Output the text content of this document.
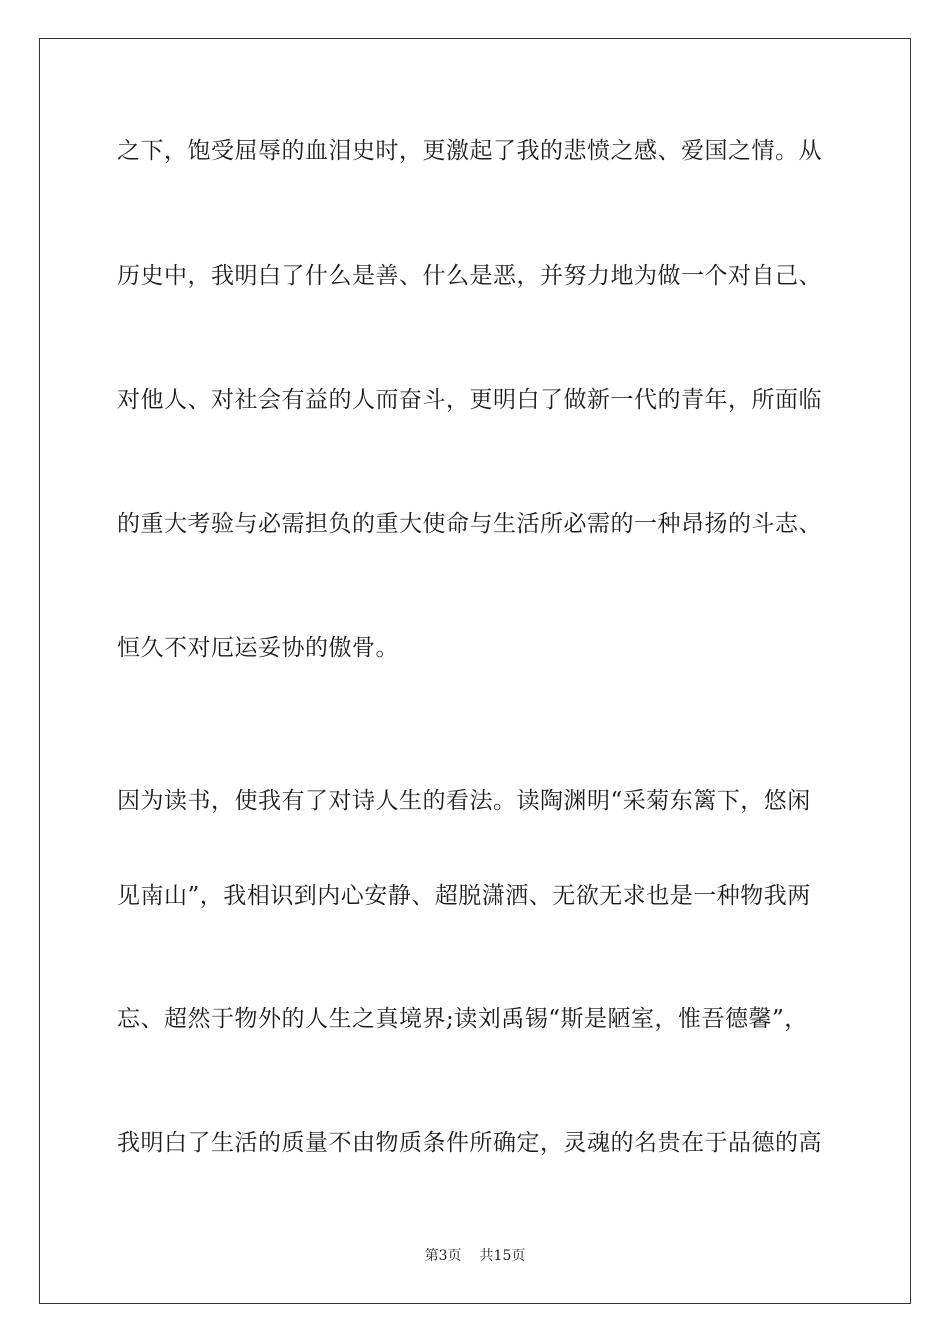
之下，饱受屈辱的血泪史时，更激起了我的悲愤之感、爱国之情。从
历史中，我明白了什么是善、什么是恶，并努力地为做一个对自己、
对他人、对社会有益的人而奋斗，更明白了做新一代的青年，所面临
的重大考验与必需担负的重大使命与生活所必需的一种昂扬的斗志、
恒久不对厄运妥协的傲骨。
因为读书，使我有了对诗人生的看法。读陶渊明“采菊东篱下，悠闲
见南山”，我相识到内心安静、超脱潇洒、无欲无求也是一种物我两
忘、超然于物外的人生之真境界;读刘禹锡“斯是陋室，惟吾德馨”，
我明白了生活的质量不由物质条件所确定，灵魂的名贵在于品德的高
第3页 共15页
